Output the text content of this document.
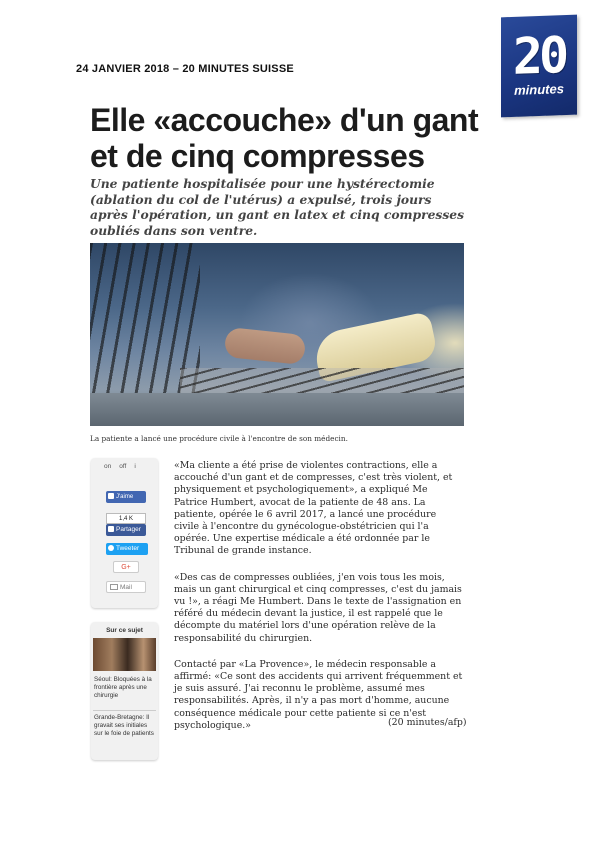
24 JANVIER 2018 – 20 MINUTES SUISSE	20
minutes
Elle «accouche» d'un gant et de cinq compresses
Une patiente hospitalisée pour une hystérectomie (ablation du col de l'utérus) a expulsé, trois jours après l'opération, un gant en latex et cinq compresses oubliés dans son ventre.
La patiente a lancé une procédure civile à l'encontre de son médecin.
on off i
J'aime
1,4 K
Partager
Tweeter
G+
Mail
Sur ce sujet
Séoul: Bloquées à la frontière après une chirurgie
Grande-Bretagne: Il gravait ses initiales sur le foie de patients

«Ma cliente a été prise de violentes contractions, elle a accouché d'un gant et de compresses, c'est très violent, et physiquement et psychologiquement», a expliqué Me Patrice Humbert, avocat de la patiente de 48 ans. La patiente, opérée le 6 avril 2017, a lancé une procédure civile à l'encontre du gynécologue-obstétricien qui l'a opérée. Une expertise médicale a été ordonnée par le Tribunal de grande instance.

«Des cas de compresses oubliées, j'en vois tous les mois, mais un gant chirurgical et cinq compresses, c'est du jamais vu !», a réagi Me Humbert. Dans le texte de l'assignation en référé du médecin devant la justice, il est rappelé que le décompte du matériel lors d'une opération relève de la responsabilité du chirurgien.

Contacté par «La Provence», le médecin responsable a affirmé: «Ce sont des accidents qui arrivent fréquemment et je suis assuré. J'ai reconnu le problème, assumé mes responsabilités. Après, il n'y a pas mort d'homme, aucune conséquence médicale pour cette patiente si ce n'est psychologique.»	(20 minutes/afp)
